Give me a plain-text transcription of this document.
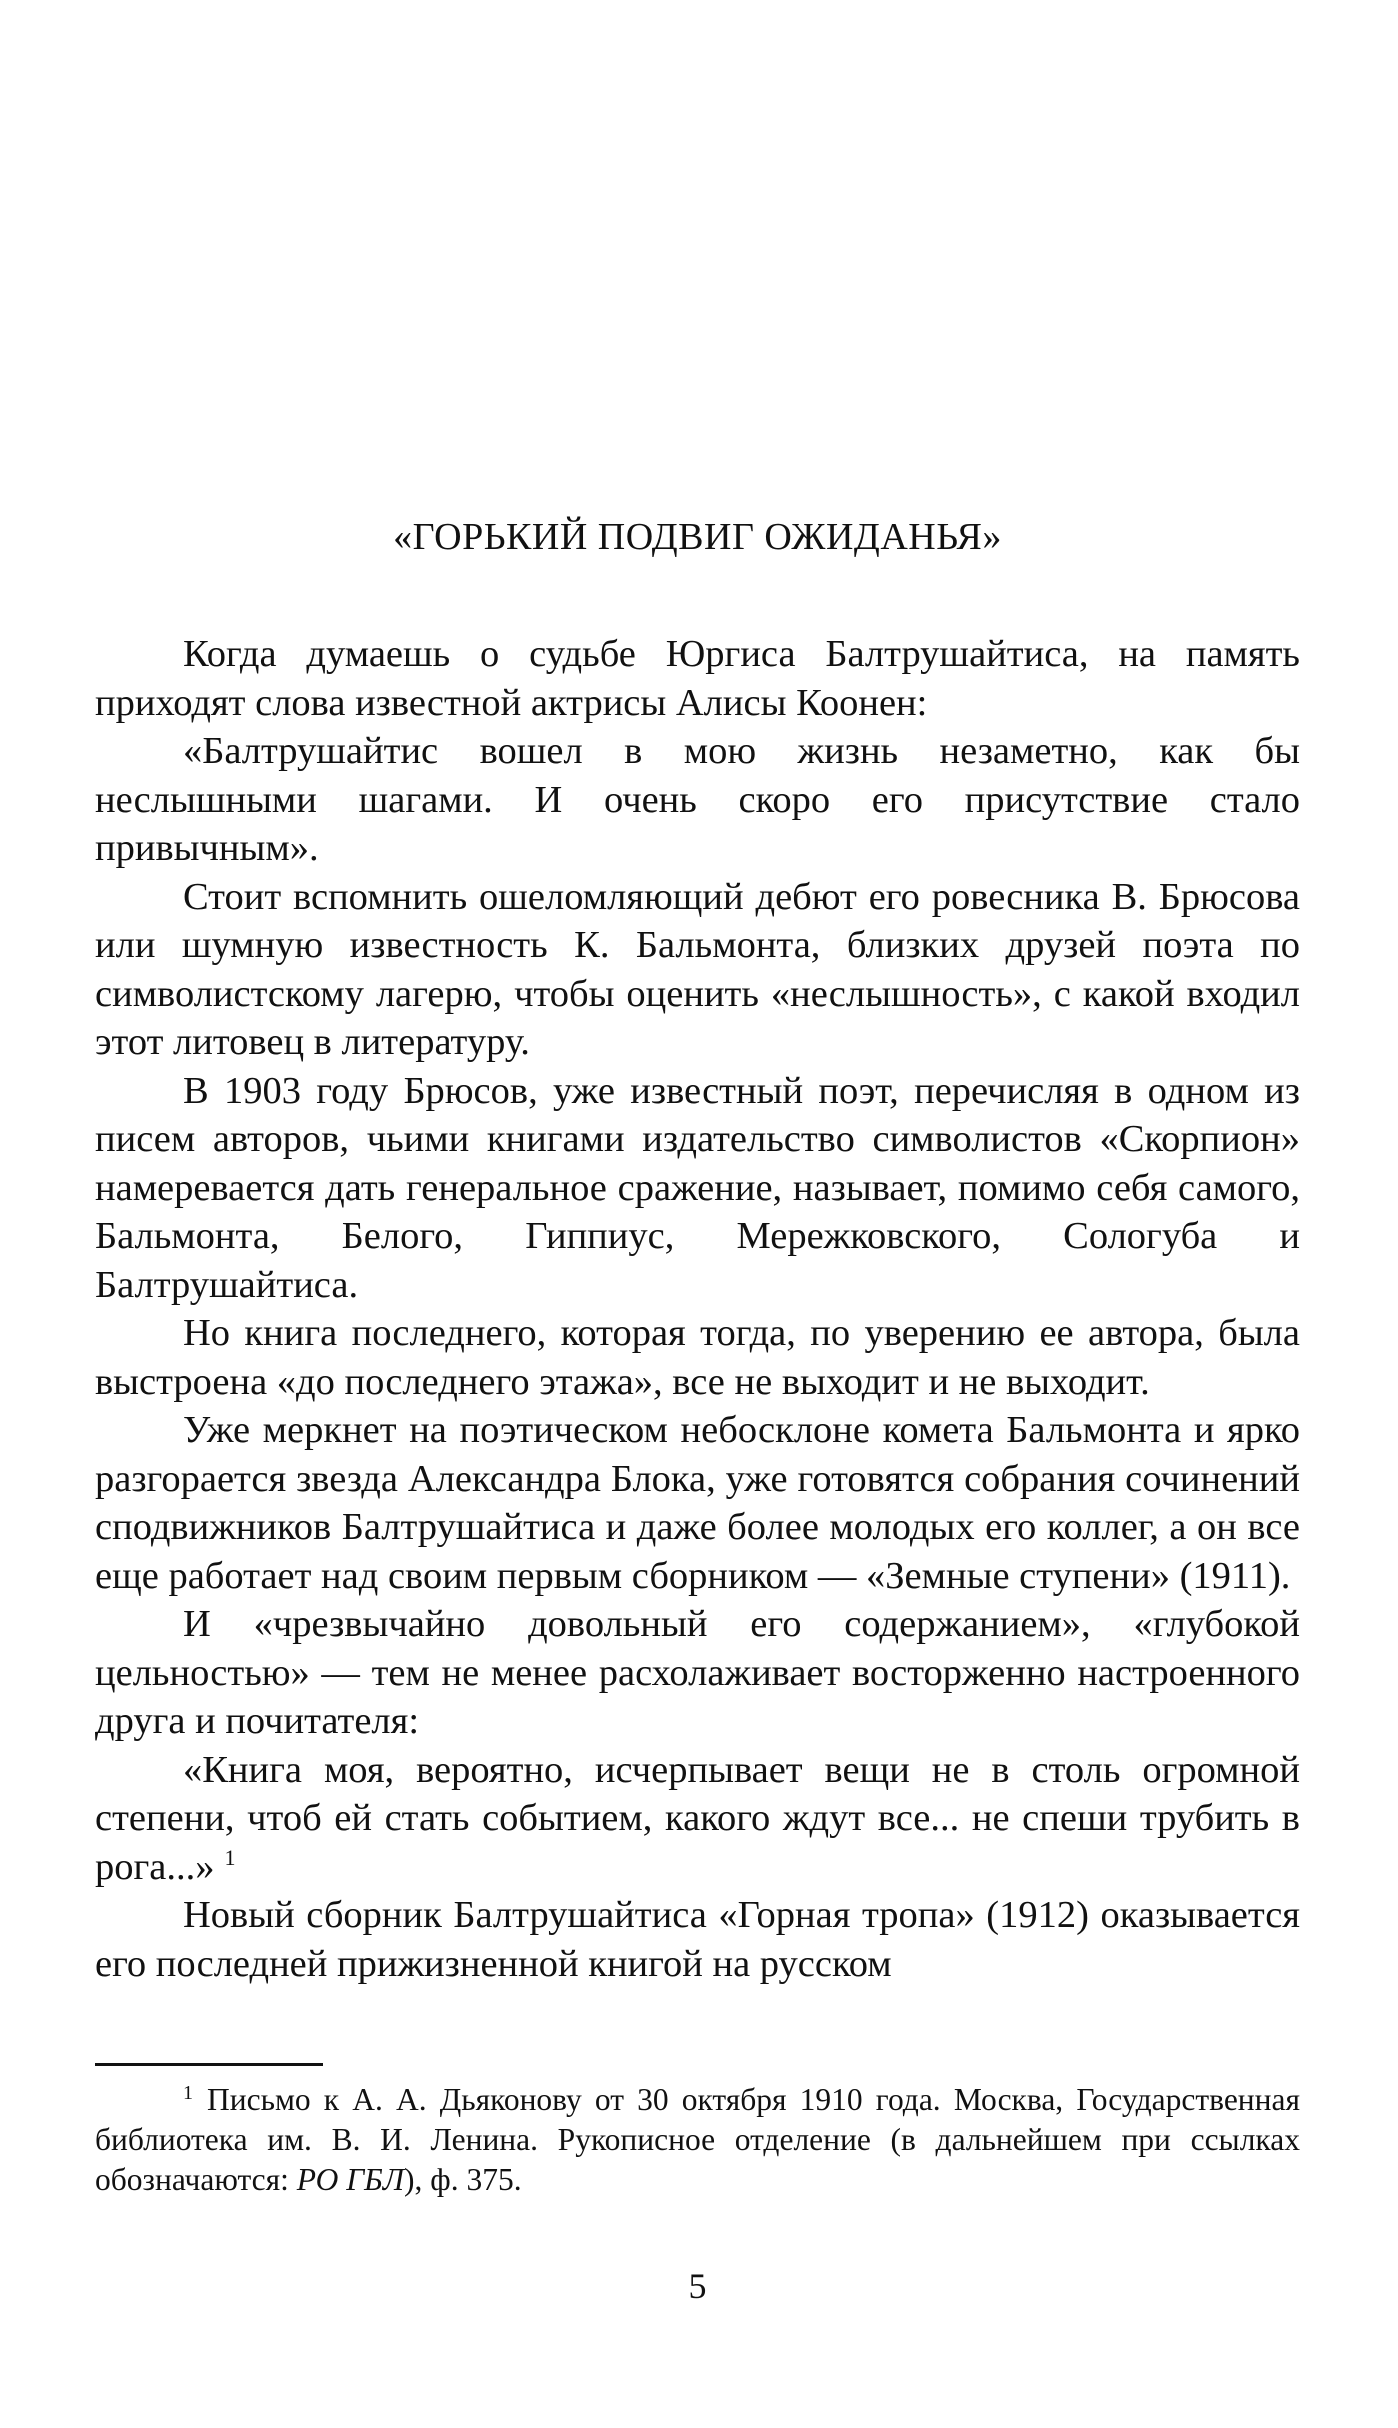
«ГОРЬКИЙ ПОДВИГ ОЖИДАНЬЯ»

Когда думаешь о судьбе Юргиса Балтрушайтиса, на память приходят слова известной актрисы Алисы Коонен:

«Балтрушайтис вошел в мою жизнь незаметно, как бы неслышными шагами. И очень скоро его присутствие стало привычным».

Стоит вспомнить ошеломляющий дебют его ровесника В. Брюсова или шумную известность К. Бальмонта, близких друзей поэта по символистскому лагерю, чтобы оценить «неслышность», с какой входил этот литовец в литературу.

В 1903 году Брюсов, уже известный поэт, перечисляя в одном из писем авторов, чьими книгами издательство символистов «Скорпион» намеревается дать генеральное сражение, называет, помимо себя самого, Бальмонта, Белого, Гиппиус, Мережковского, Сологуба и Балтрушайтиса.

Но книга последнего, которая тогда, по уверению ее автора, была выстроена «до последнего этажа», все не выходит и не выходит.

Уже меркнет на поэтическом небосклоне комета Бальмонта и ярко разгорается звезда Александра Блока, уже готовятся собрания сочинений сподвижников Балтрушайтиса и даже более молодых его коллег, а он все еще работает над своим первым сборником — «Земные ступени» (1911).

И «чрезвычайно довольный его содержанием», «глубокой цельностью» — тем не менее расхолаживает восторженно настроенного друга и почитателя:

«Книга моя, вероятно, исчерпывает вещи не в столь огромной степени, чтоб ей стать событием, какого ждут все... не спеши трубить в рога...» $^1$

Новый сборник Балтрушайтиса «Горная тропа» (1912) оказывается его последней прижизненной книгой на русском

$^1$ Письмо к А. А. Дьяконову от 30 октября 1910 года. Москва, Государственная библиотека им. В. И. Ленина. Рукописное отделение (в дальнейшем при ссылках обозначаются: РО ГБЛ), ф. 375.

5
